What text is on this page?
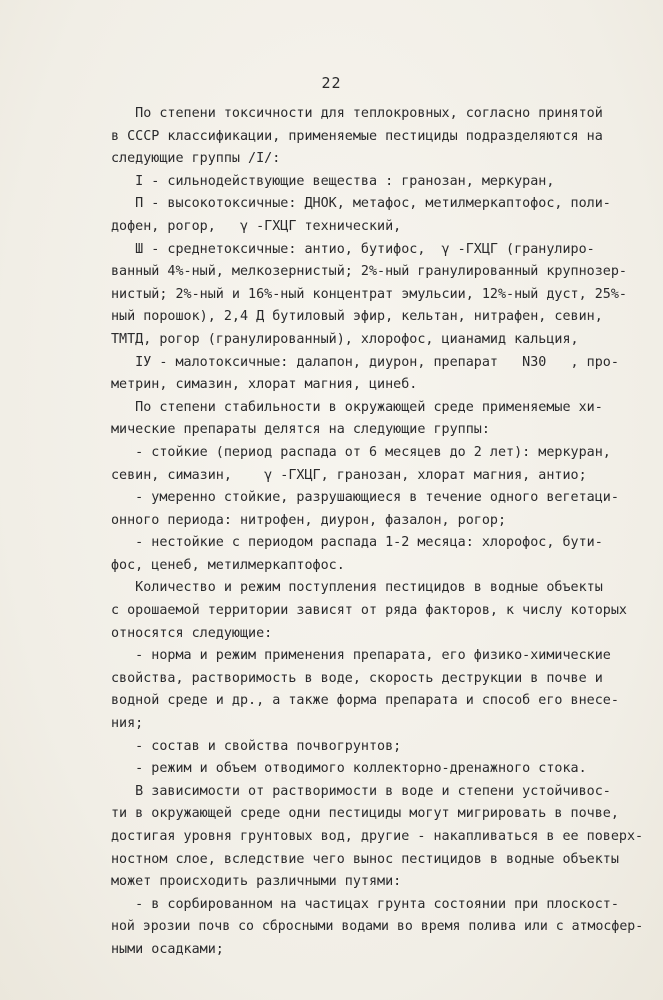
22
По степени токсичности для теплокровных, согласно принятой
в СССР классификации, применяемые пестициды подразделяются на
следующие группы /I/:
I - сильнодействующие вещества : гранозан, меркуран,
П - высокотоксичные: ДНОК, метафос, метилмеркаптофос, поли-
дофен, рогор,   γ -ГХЦГ технический,
Ш - среднетоксичные: антио, бутифос,  γ -ГХЦГ (гранулиро-
ванный 4%-ный, мелкозернистый; 2%-ный гранулированный крупнозер-
нистый; 2%-ный и 16%-ный концентрат эмульсии, 12%-ный дуст, 25%-
ный порошок), 2,4 Д бутиловый эфир, кельтан, нитрафен, севин,
ТМТД, рогор (гранулированный), хлорофос, цианамид кальция,
IУ - малотоксичные: далапон, диурон, препарат   N30   , про-
метрин, симазин, хлорат магния, цинеб.
По степени стабильности в окружающей среде применяемые хи-
мические препараты делятся на следующие группы:
- стойкие (период распада от 6 месяцев до 2 лет): меркуран,
севин, симазин,    γ -ГХЦГ, гранозан, хлорат магния, антио;
- умеренно стойкие, разрушающиеся в течение одного вегетаци-
онного периода: нитрофен, диурон, фазалон, рогор;
- нестойкие с периодом распада 1-2 месяца: хлорофос, бути-
фос, ценеб, метилмеркаптофос.
Количество и режим поступления пестицидов в водные объекты
с орошаемой территории зависят от ряда факторов, к числу которых
относятся следующие:
- норма и режим применения препарата, его физико-химические
свойства, растворимость в воде, скорость деструкции в почве и
водной среде и др., а также форма препарата и способ его внесе-
ния;
- состав и свойства почвогрунтов;
- режим и объем отводимого коллекторно-дренажного стока.
В зависимости от растворимости в воде и степени устойчивос-
ти в окружающей среде одни пестициды могут мигрировать в почве,
достигая уровня грунтовых вод, другие - накапливаться в ее поверх-
ностном слое, вследствие чего вынос пестицидов в водные объекты
может происходить различными путями:
- в сорбированном на частицах грунта состоянии при плоскост-
ной эрозии почв со сбросными водами во время полива или с атмосфер-
ными осадками;
